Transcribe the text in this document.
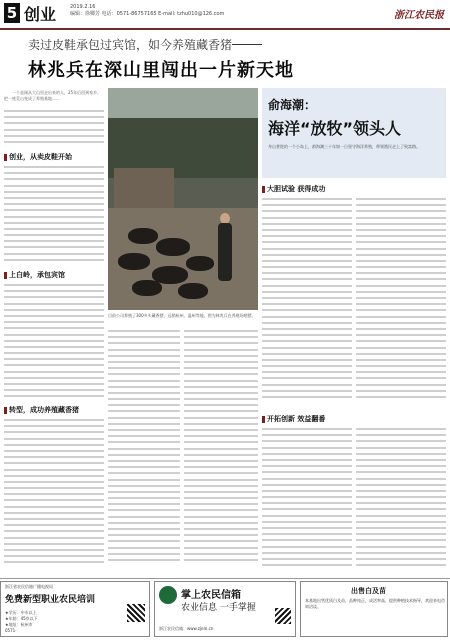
5 创业	2019.2.16
编辑：徐卿芳 电话：0571-86757165 E-mail: tzhu010@126.com	浙江农民报
卖过皮鞋承包过宾馆，如今养殖藏香猪
林兆兵在深山里闯出一片新天地
一个是刚从大山里走出来的人，25年后回到家乡，把一座荒山变成了养殖基地……
创业，从卖皮鞋开始
上白岭，承包宾馆
转型，成功养殖藏香猪
目前公司养殖了300多头藏香猪，远销杭州、温州等地。图为林兆兵在养殖场喂猪。
俞海潮：
海洋“放牧”领头人
舟山普陀的一个小岛上，俞海潮三十年如一日坚守海洋养殖，带领渔民走上了致富路。
大胆试验 获得成功
开拓创新 效益翻番
浙江省农民信箱广播电视局
免费新型职业农民培训
★学历：中专以上
★年龄：45岁以下
★地址：杭州市
0571-
掌上农民信箱
农业信息 一手掌握
浙江农民信箱：www.zjnm.cn
出售白及苗
本基地出售优质白及苗，品种纯正，成活率高，提供种植技术指导，欢迎来电咨询洽谈。
